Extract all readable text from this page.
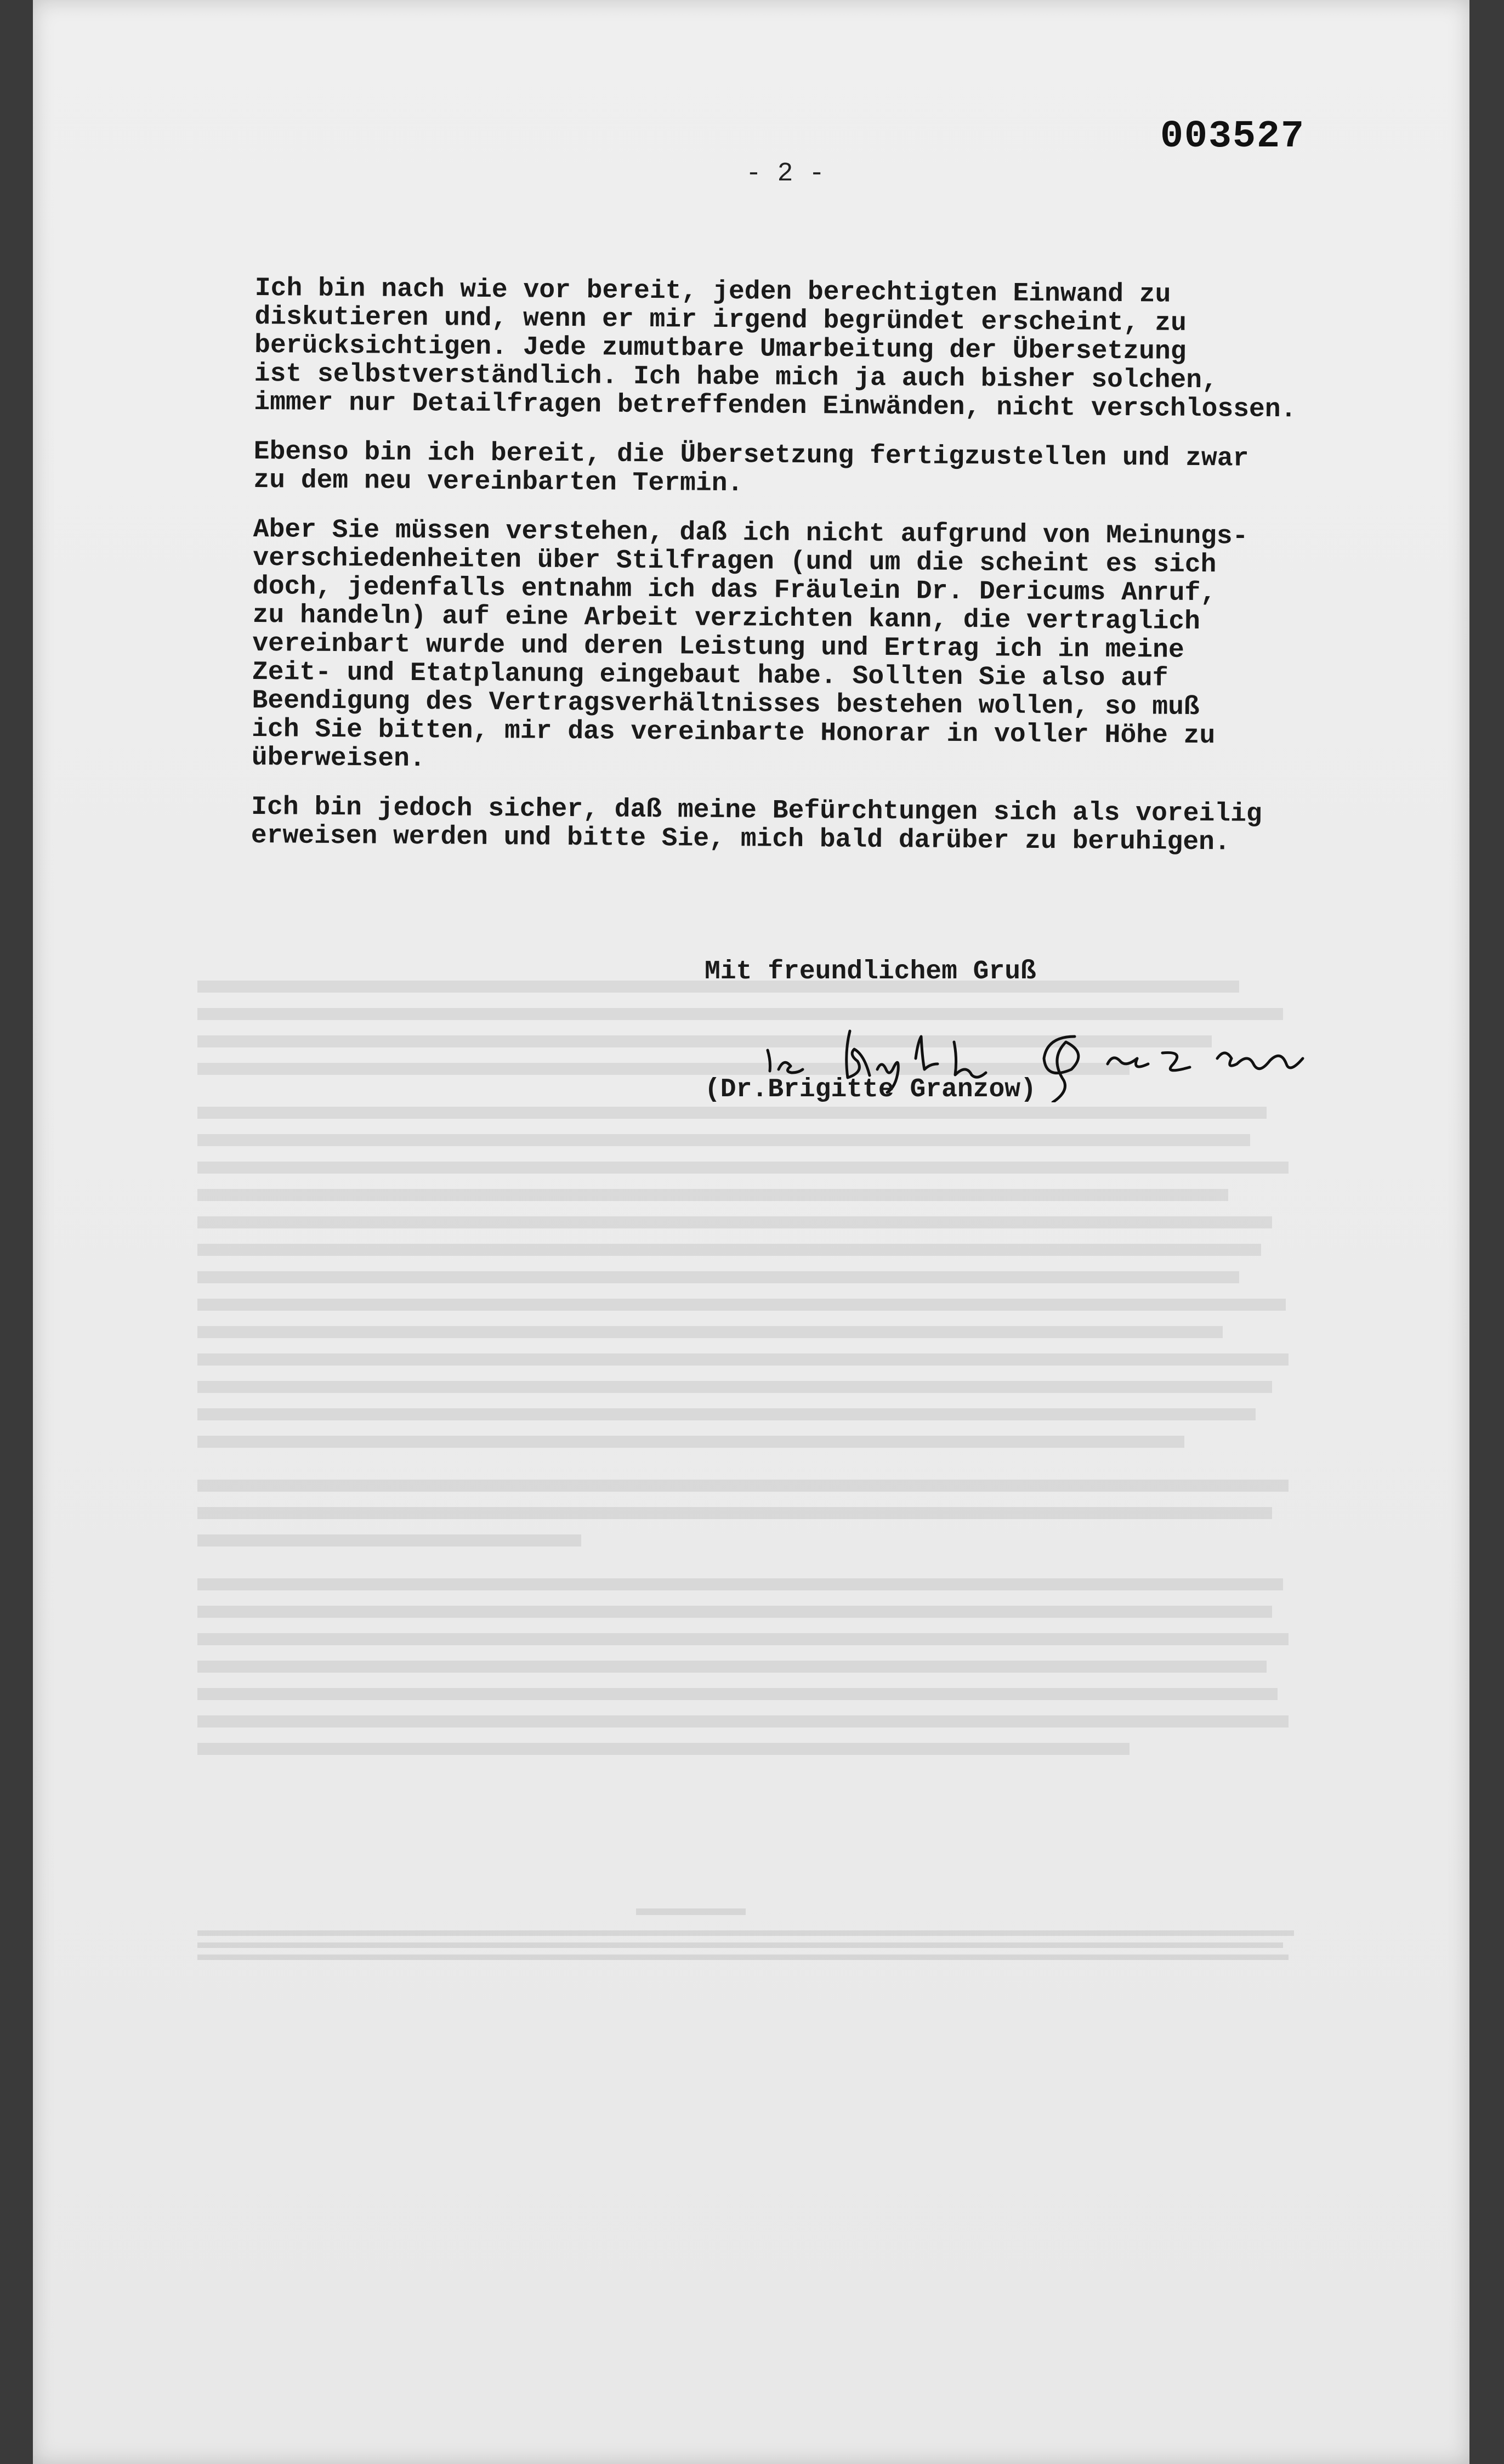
003527
- 2 -
Ich bin nach wie vor bereit, jeden berechtigten Einwand zu
diskutieren und, wenn er mir irgend begründet erscheint, zu
berücksichtigen. Jede zumutbare Umarbeitung der Übersetzung
ist selbstverständlich. Ich habe mich ja auch bisher solchen,
immer nur Detailfragen betreffenden Einwänden, nicht verschlossen.
Ebenso bin ich bereit, die Übersetzung fertigzustellen und zwar
zu dem neu vereinbarten Termin.
Aber Sie müssen verstehen, daß ich nicht aufgrund von Meinungs-
verschiedenheiten über Stilfragen (und um die scheint es sich
doch, jedenfalls entnahm ich das Fräulein Dr. Dericums Anruf,
zu handeln) auf eine Arbeit verzichten kann, die vertraglich
vereinbart wurde und deren Leistung und Ertrag ich in meine
Zeit- und Etatplanung eingebaut habe. Sollten Sie also auf
Beendigung des Vertragsverhältnisses bestehen wollen, so muß
ich Sie bitten, mir das vereinbarte Honorar in voller Höhe zu
überweisen.
Ich bin jedoch sicher, daß meine Befürchtungen sich als voreilig
erweisen werden und bitte Sie, mich bald darüber zu beruhigen.
Mit freundlichem Gruß
(Dr.Brigitte Granzow)
